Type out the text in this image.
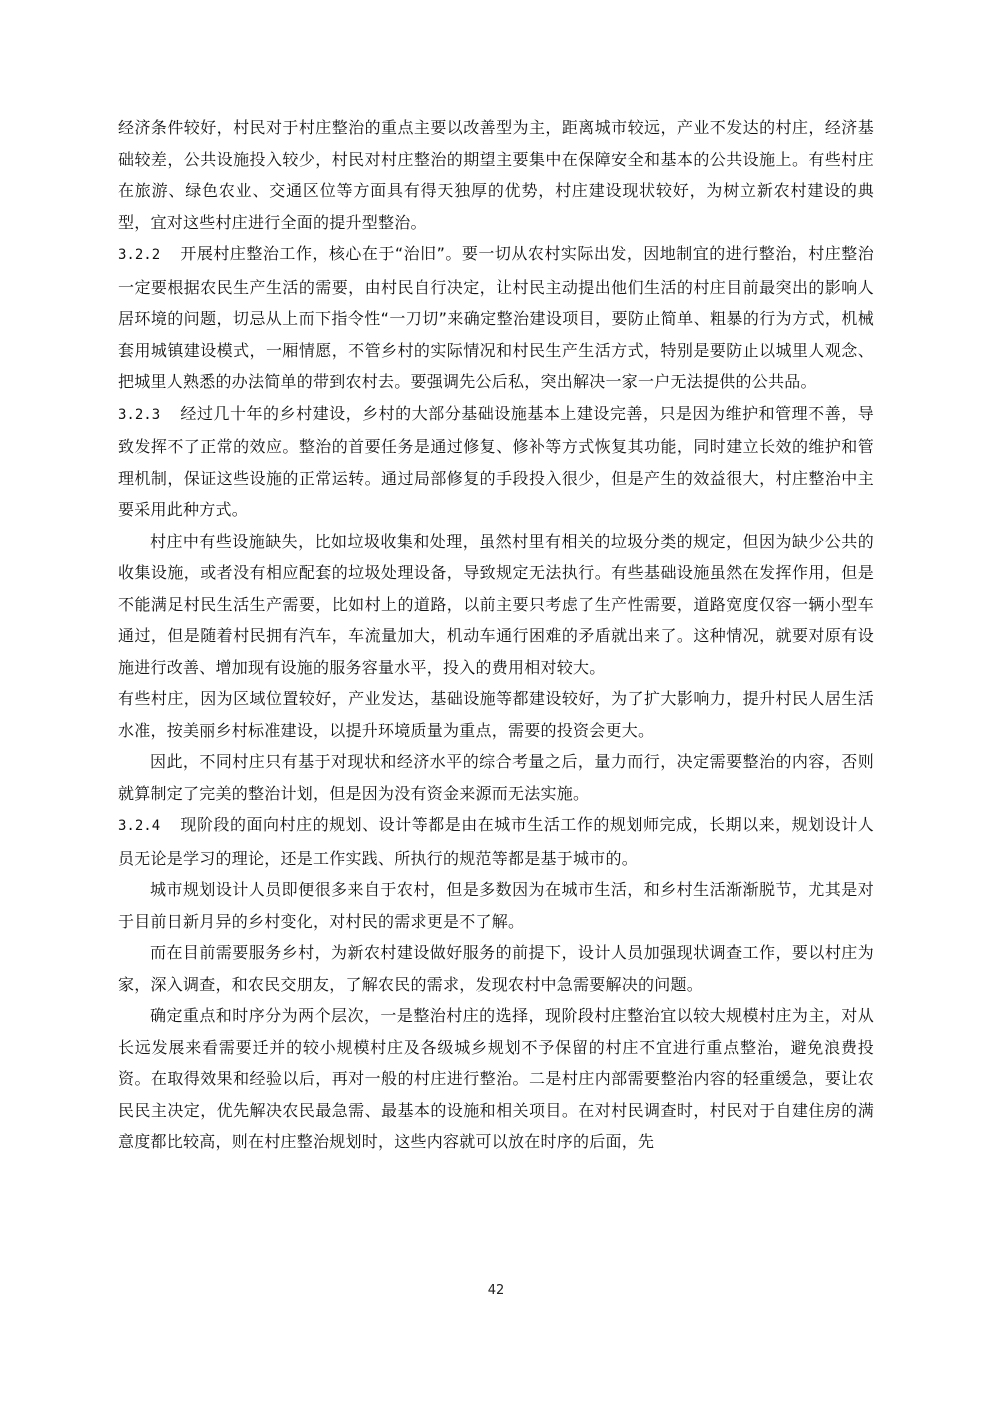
经济条件较好，村民对于村庄整治的重点主要以改善型为主，距离城市较远，产业不发达的村庄，经济基础较差，公共设施投入较少，村民对村庄整治的期望主要集中在保障安全和基本的公共设施上。有些村庄在旅游、绿色农业、交通区位等方面具有得天独厚的优势，村庄建设现状较好，为树立新农村建设的典型，宜对这些村庄进行全面的提升型整治。

3.2.2 开展村庄整治工作，核心在于“治旧”。要一切从农村实际出发，因地制宜的进行整治，村庄整治一定要根据农民生产生活的需要，由村民自行决定，让村民主动提出他们生活的村庄目前最突出的影响人居环境的问题，切忌从上而下指令性“一刀切”来确定整治建设项目，要防止简单、粗暴的行为方式，机械套用城镇建设模式，一厢情愿，不管乡村的实际情况和村民生产生活方式，特别是要防止以城里人观念、把城里人熟悉的办法简单的带到农村去。要强调先公后私，突出解决一家一户无法提供的公共品。

3.2.3 经过几十年的乡村建设，乡村的大部分基础设施基本上建设完善，只是因为维护和管理不善，导致发挥不了正常的效应。整治的首要任务是通过修复、修补等方式恢复其功能，同时建立长效的维护和管理机制，保证这些设施的正常运转。通过局部修复的手段投入很少，但是产生的效益很大，村庄整治中主要采用此种方式。

村庄中有些设施缺失，比如垃圾收集和处理，虽然村里有相关的垃圾分类的规定，但因为缺少公共的收集设施，或者没有相应配套的垃圾处理设备，导致规定无法执行。有些基础设施虽然在发挥作用，但是不能满足村民生活生产需要，比如村上的道路，以前主要只考虑了生产性需要，道路宽度仅容一辆小型车通过，但是随着村民拥有汽车，车流量加大，机动车通行困难的矛盾就出来了。这种情况，就要对原有设施进行改善、增加现有设施的服务容量水平，投入的费用相对较大。

有些村庄，因为区域位置较好，产业发达，基础设施等都建设较好，为了扩大影响力，提升村民人居生活水准，按美丽乡村标准建设，以提升环境质量为重点，需要的投资会更大。

因此，不同村庄只有基于对现状和经济水平的综合考量之后，量力而行，决定需要整治的内容，否则就算制定了完美的整治计划，但是因为没有资金来源而无法实施。

3.2.4 现阶段的面向村庄的规划、设计等都是由在城市生活工作的规划师完成，长期以来，规划设计人员无论是学习的理论，还是工作实践、所执行的规范等都是基于城市的。

城市规划设计人员即便很多来自于农村，但是多数因为在城市生活，和乡村生活渐渐脱节，尤其是对于目前日新月异的乡村变化，对村民的需求更是不了解。

而在目前需要服务乡村，为新农村建设做好服务的前提下，设计人员加强现状调查工作，要以村庄为家，深入调查，和农民交朋友，了解农民的需求，发现农村中急需要解决的问题。

确定重点和时序分为两个层次，一是整治村庄的选择，现阶段村庄整治宜以较大规模村庄为主，对从长远发展来看需要迁并的较小规模村庄及各级城乡规划不予保留的村庄不宜进行重点整治，避免浪费投资。在取得效果和经验以后，再对一般的村庄进行整治。二是村庄内部需要整治内容的轻重缓急，要让农民民主决定，优先解决农民最急需、最基本的设施和相关项目。在对村民调查时，村民对于自建住房的满意度都比较高，则在村庄整治规划时，这些内容就可以放在时序的后面，先

42
